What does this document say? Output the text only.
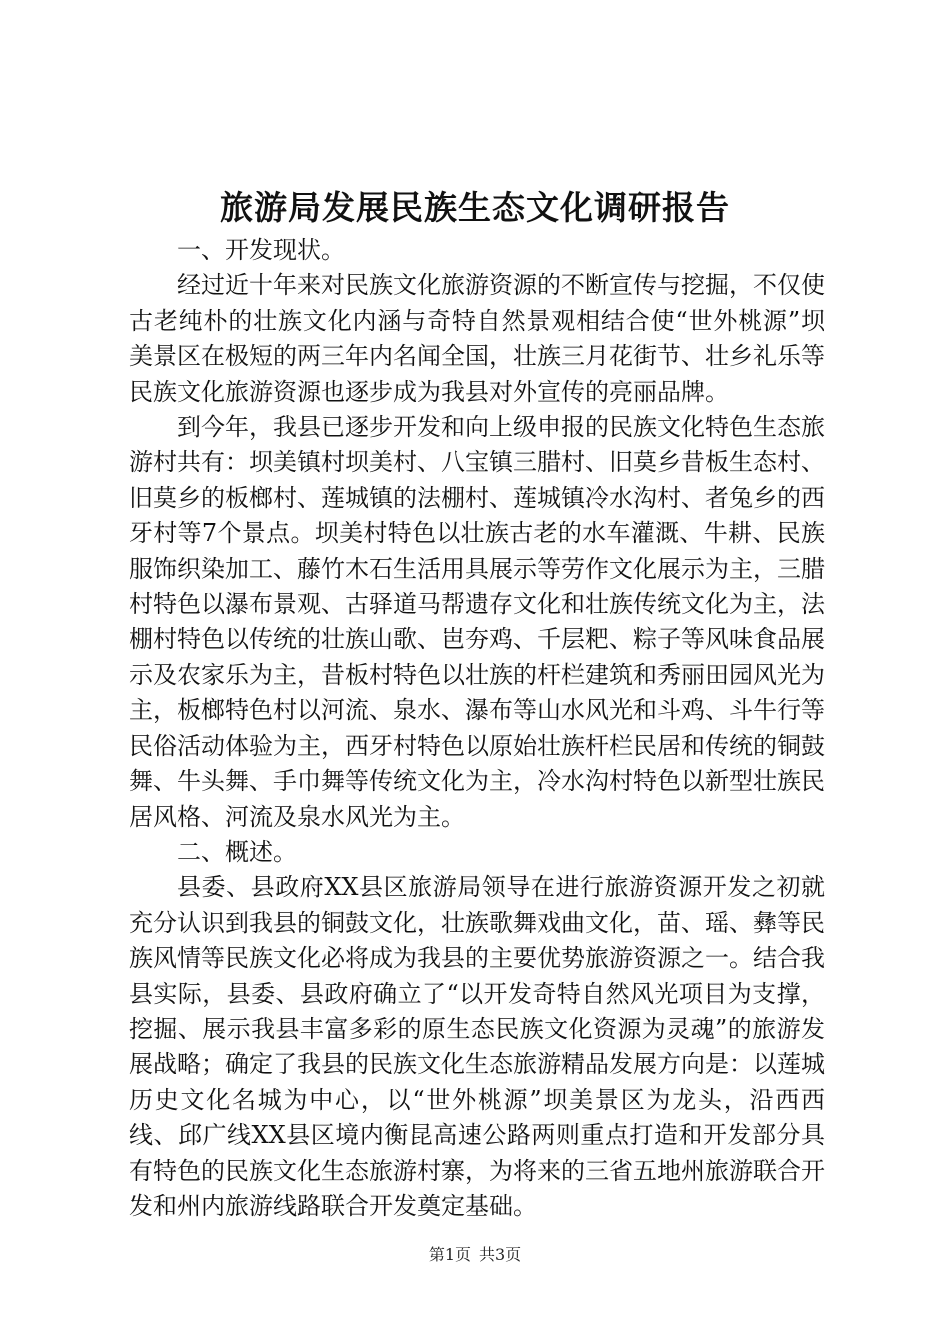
旅游局发展民族生态文化调研报告

一、开发现状。

经过近十年来对民族文化旅游资源的不断宣传与挖掘，不仅使古老纯朴的壮族文化内涵与奇特自然景观相结合使“世外桃源”坝美景区在极短的两三年内名闻全国，壮族三月花街节、壮乡礼乐等民族文化旅游资源也逐步成为我县对外宣传的亮丽品牌。

到今年，我县已逐步开发和向上级申报的民族文化特色生态旅游村共有：坝美镇村坝美村、八宝镇三腊村、旧莫乡昔板生态村、旧莫乡的板榔村、莲城镇的法棚村、莲城镇冷水沟村、者兔乡的西牙村等7个景点。坝美村特色以壮族古老的水车灌溉、牛耕、民族服饰织染加工、藤竹木石生活用具展示等劳作文化展示为主，三腊村特色以瀑布景观、古驿道马帮遗存文化和壮族传统文化为主，法棚村特色以传统的壮族山歌、岜夯鸡、千层粑、粽子等风味食品展示及农家乐为主，昔板村特色以壮族的杆栏建筑和秀丽田园风光为主，板榔特色村以河流、泉水、瀑布等山水风光和斗鸡、斗牛行等民俗活动体验为主，西牙村特色以原始壮族杆栏民居和传统的铜鼓舞、牛头舞、手巾舞等传统文化为主，冷水沟村特色以新型壮族民居风格、河流及泉水风光为主。

二、概述。

县委、县政府XX县区旅游局领导在进行旅游资源开发之初就充分认识到我县的铜鼓文化，壮族歌舞戏曲文化，苗、瑶、彝等民族风情等民族文化必将成为我县的主要优势旅游资源之一。结合我县实际，县委、县政府确立了“以开发奇特自然风光项目为支撑，挖掘、展示我县丰富多彩的原生态民族文化资源为灵魂”的旅游发展战略；确定了我县的民族文化生态旅游精品发展方向是：以莲城历史文化名城为中心，以“世外桃源”坝美景区为龙头，沿西西线、邱广线XX县区境内衡昆高速公路两则重点打造和开发部分具有特色的民族文化生态旅游村寨，为将来的三省五地州旅游联合开发和州内旅游线路联合开发奠定基础。

第1页 共3页
